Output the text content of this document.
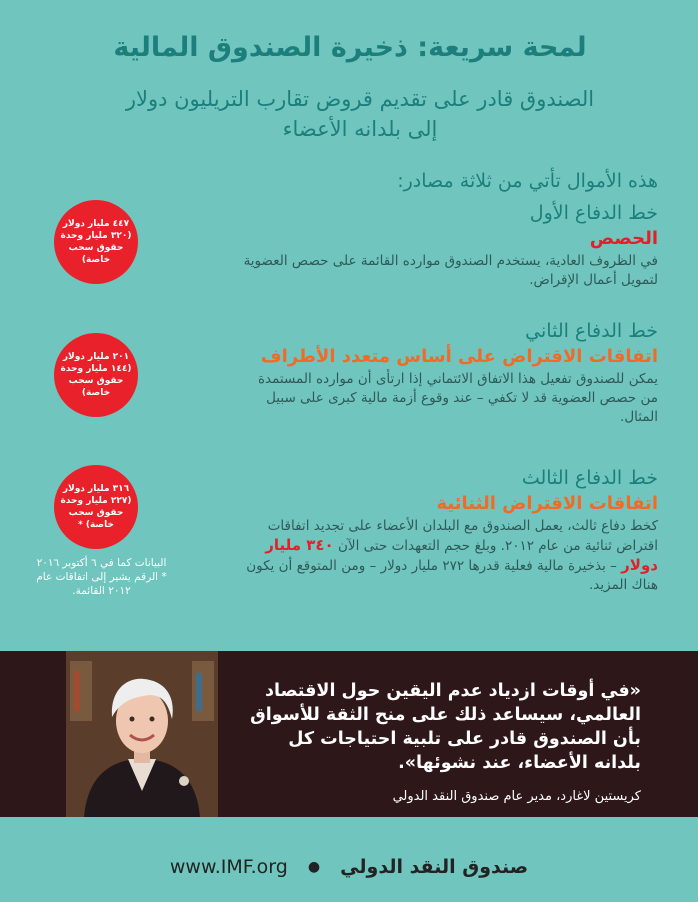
لمحة سريعة: ذخيرة الصندوق المالية
الصندوق قادر على تقديم قروض تقارب التريليون دولار إلى بلدانه الأعضاء
هذه الأموال تأتي من ثلاثة مصادر:
خط الدفاع الأول
الحصص
في الظروف العادية، يستخدم الصندوق موارده القائمة على حصص العضوية لتمويل أعمال الإقراض.
خط الدفاع الثاني
اتفاقات الاقتراض على أساس متعدد الأطراف
يمكن للصندوق تفعيل هذا الاتفاق الائتماني إذا ارتأى أن موارده المستمدة من حصص العضوية قد لا تكفي – عند وقوع أزمة مالية كبرى على سبيل المثال.
خط الدفاع الثالث
اتفاقات الاقتراض الثنائية
كخط دفاع ثالث، يعمل الصندوق مع البلدان الأعضاء على تجديد اتفاقات اقتراض ثنائية من عام ٢٠١٢. وبلغ حجم التعهدات حتى الآن ٣٤٠ مليار دولار – بذخيرة مالية فعلية قدرها ٢٧٢ مليار دولار – ومن المتوقع أن يكون هناك المزيد.
٤٤٧ مليار دولار (٣٢٠ مليار وحدة حقوق سحب خاصة)
٢٠١ مليار دولار (١٤٤ مليار وحدة حقوق سحب خاصة)
٣١٦ مليار دولار (٢٢٧ مليار وحدة حقوق سحب خاصة) *
البيانات كما في ٦ أكتوبر ٢٠١٦ * الرقم يشير إلى اتفاقات عام ٢٠١٢ القائمة.
«في أوقات ازدياد عدم اليقين حول الاقتصاد العالمي، سيساعد ذلك على منح الثقة للأسواق بأن الصندوق قادر على تلبية احتياجات كل بلدانه الأعضاء، عند نشوئها».
كريستين لاغارد، مدير عام صندوق النقد الدولي
www.IMF.org ● صندوق النقد الدولي
